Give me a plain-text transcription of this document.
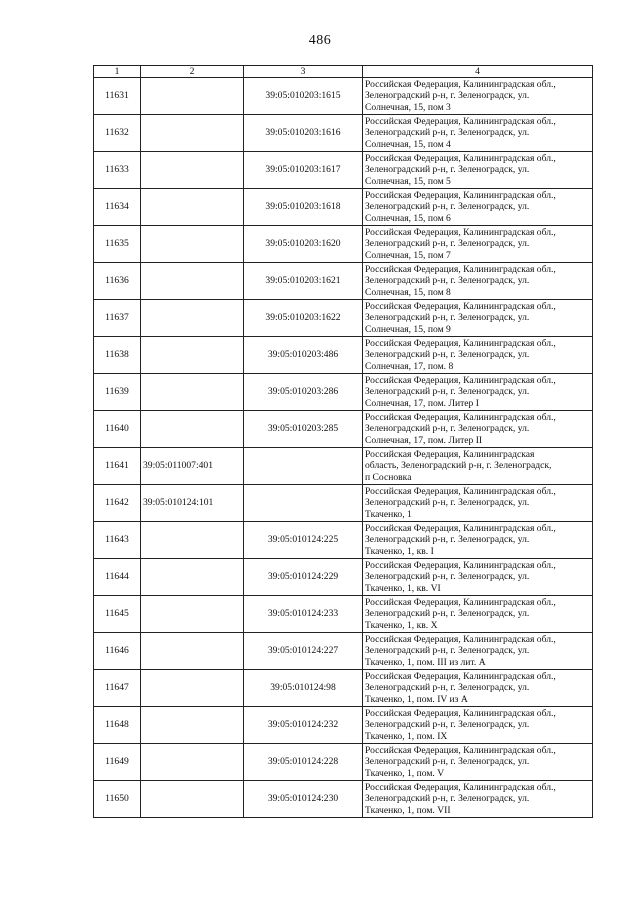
486
1	2	3	4
11631		39:05:010203:1615	Российская Федерация, Калининградская обл.,
Зеленоградский р-н, г. Зеленоградск, ул.
Солнечная, 15, пом 3

11632		39:05:010203:1616	Российская Федерация, Калининградская обл.,
Зеленоградский р-н, г. Зеленоградск, ул.
Солнечная, 15, пом 4

11633		39:05:010203:1617	Российская Федерация, Калининградская обл.,
Зеленоградский р-н, г. Зеленоградск, ул.
Солнечная, 15, пом 5

11634		39:05:010203:1618	Российская Федерация, Калининградская обл.,
Зеленоградский р-н, г. Зеленоградск, ул.
Солнечная, 15, пом 6

11635		39:05:010203:1620	Российская Федерация, Калининградская обл.,
Зеленоградский р-н, г. Зеленоградск, ул.
Солнечная, 15, пом 7

11636		39:05:010203:1621	Российская Федерация, Калининградская обл.,
Зеленоградский р-н, г. Зеленоградск, ул.
Солнечная, 15, пом 8

11637		39:05:010203:1622	Российская Федерация, Калининградская обл.,
Зеленоградский р-н, г. Зеленоградск, ул.
Солнечная, 15, пом 9

11638		39:05:010203:486	Российская Федерация, Калининградская обл.,
Зеленоградский р-н, г. Зеленоградск, ул.
Солнечная, 17, пом. 8

11639		39:05:010203:286	Российская Федерация, Калининградская обл.,
Зеленоградский р-н, г. Зеленоградск, ул.
Солнечная, 17, пом. Литер I

11640		39:05:010203:285	Российская Федерация, Калининградская обл.,
Зеленоградский р-н, г. Зеленоградск, ул.
Солнечная, 17, пом. Литер II

11641	39:05:011007:401		Российская Федерация, Калининградская
область, Зеленоградский р-н, г. Зеленоградск,
п Сосновка

11642	39:05:010124:101		Российская Федерация, Калининградская обл.,
Зеленоградский р-н, г. Зеленоградск, ул.
Ткаченко, 1

11643		39:05:010124:225	Российская Федерация, Калининградская обл.,
Зеленоградский р-н, г. Зеленоградск, ул.
Ткаченко, 1, кв. I

11644		39:05:010124:229	Российская Федерация, Калининградская обл.,
Зеленоградский р-н, г. Зеленоградск, ул.
Ткаченко, 1, кв. VI

11645		39:05:010124:233	Российская Федерация, Калининградская обл.,
Зеленоградский р-н, г. Зеленоградск, ул.
Ткаченко, 1, кв. X

11646		39:05:010124:227	Российская Федерация, Калининградская обл.,
Зеленоградский р-н, г. Зеленоградск, ул.
Ткаченко, 1, пом. III из лит. А

11647		39:05:010124:98	Российская Федерация, Калининградская обл.,
Зеленоградский р-н, г. Зеленоградск, ул.
Ткаченко, 1, пом. IV из А

11648		39:05:010124:232	Российская Федерация, Калининградская обл.,
Зеленоградский р-н, г. Зеленоградск, ул.
Ткаченко, 1, пом. IX

11649		39:05:010124:228	Российская Федерация, Калининградская обл.,
Зеленоградский р-н, г. Зеленоградск, ул.
Ткаченко, 1, пом. V

11650		39:05:010124:230	Российская Федерация, Калининградская обл.,
Зеленоградский р-н, г. Зеленоградск, ул.
Ткаченко, 1, пом. VII
